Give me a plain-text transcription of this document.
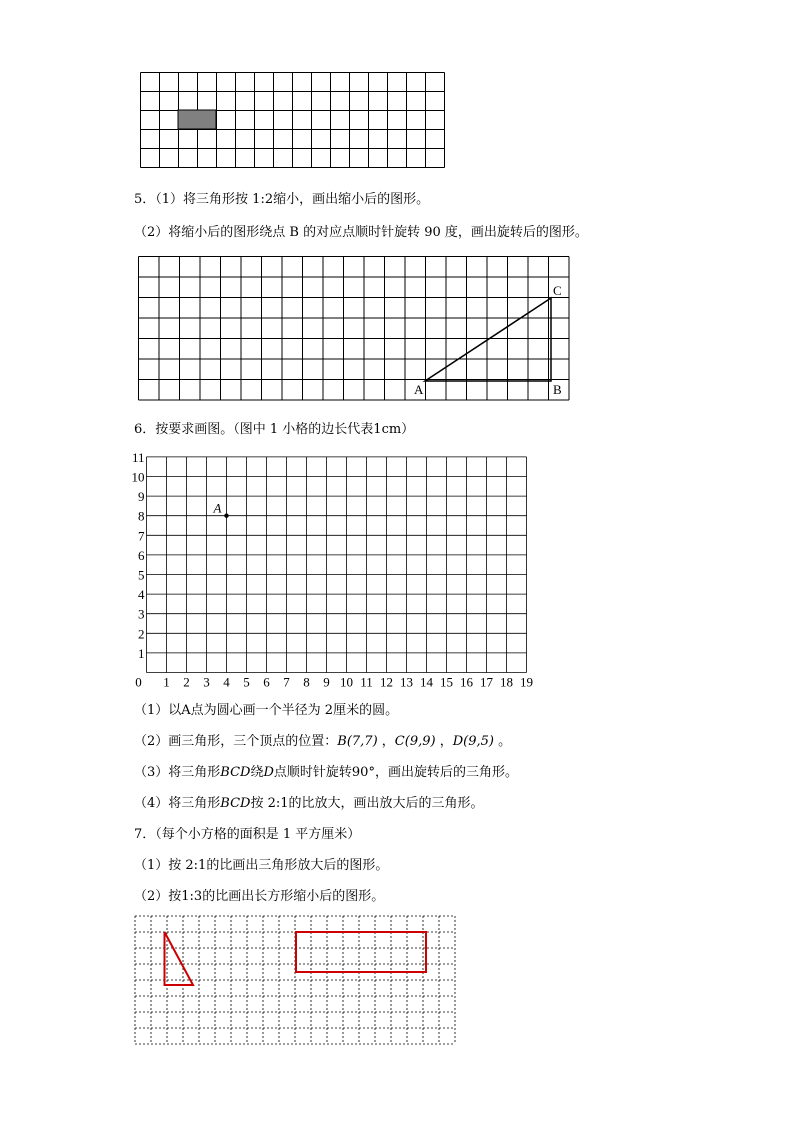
5．（1）将三角形按 1:2缩小，画出缩小后的图形。
（2）将缩小后的图形绕点 B 的对应点顺时针旋转 90 度，画出旋转后的图形。
A	B
C
6．按要求画图。（图中 1 小格的边长代表1cm）
0 1 2 3 4 5 6 7 8 9 10 11 12 13 14 15 16 17 18 19
1
2
3
4
5
6
7
8
9
10
11
A
（1）以A点为圆心画一个半径为 2厘米的圆。
（2）画三角形，三个顶点的位置：B(7,7) ，C(9,9) ，D(9,5) 。
（3）将三角形BCD绕D点顺时针旋转90°，画出旋转后的三角形。
（4）将三角形BCD按 2:1的比放大，画出放大后的三角形。
7．（每个小方格的面积是 1 平方厘米）
（1）按 2:1的比画出三角形放大后的图形。
（2）按1:3的比画出长方形缩小后的图形。
